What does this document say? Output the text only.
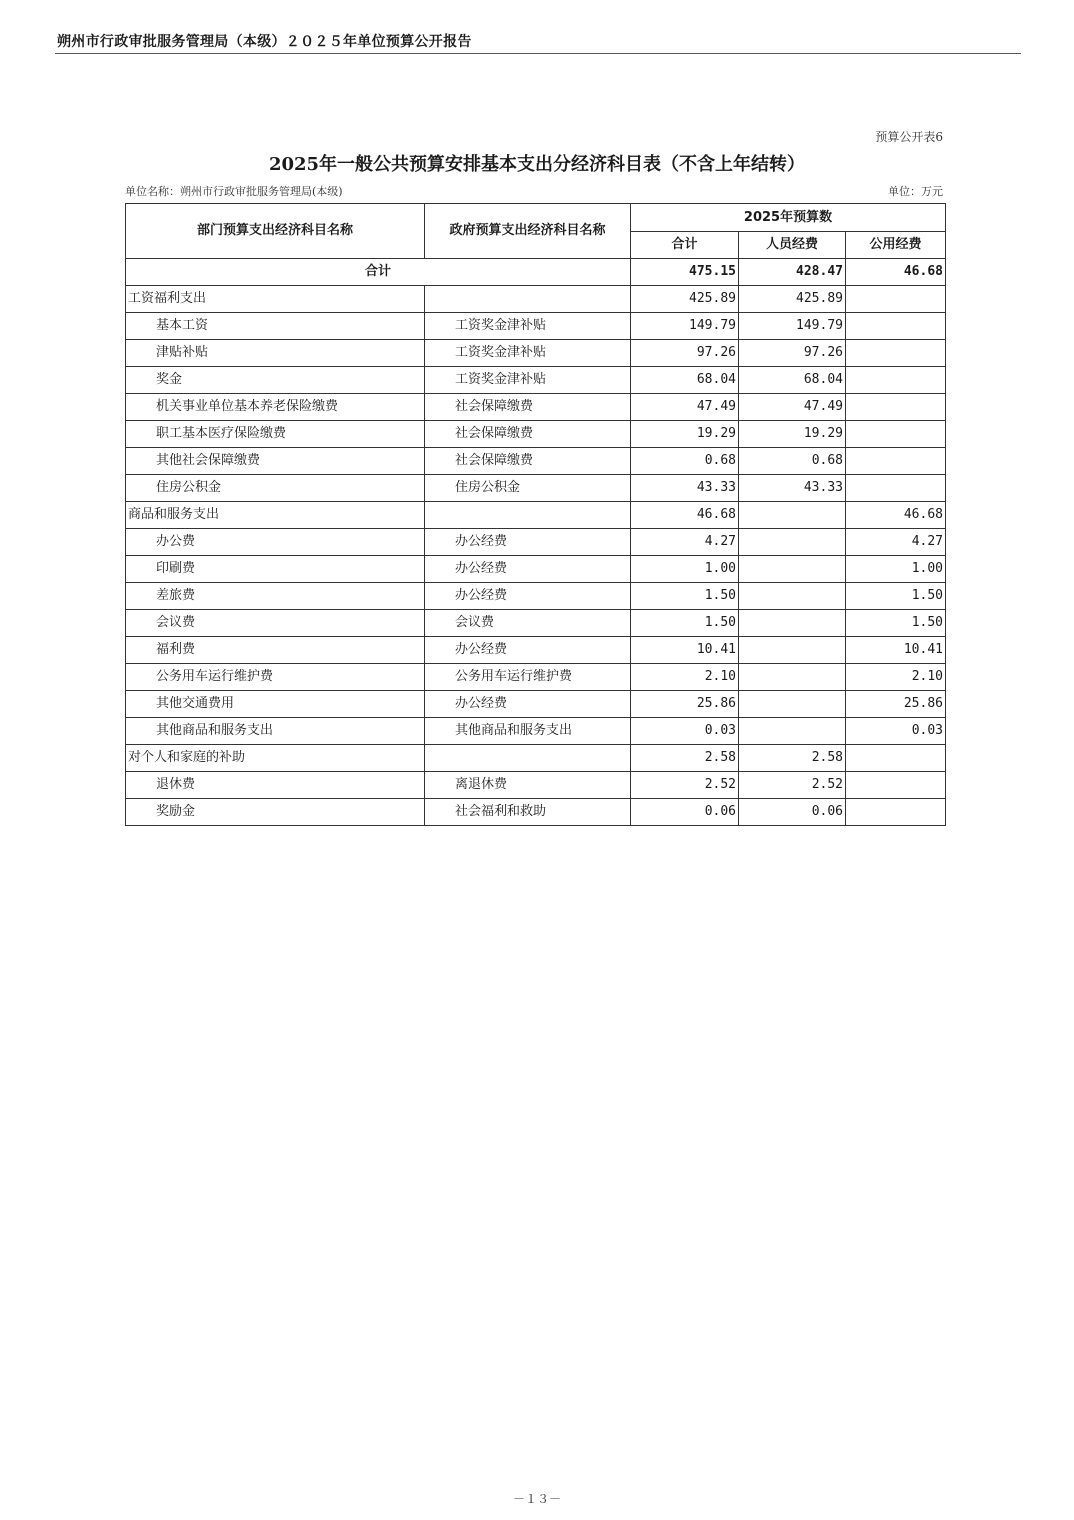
朔州市行政审批服务管理局（本级）２０２５年单位预算公开报告
预算公开表6
2025年一般公共预算安排基本支出分经济科目表（不含上年结转）
单位名称：朔州市行政审批服务管理局(本级)	单位：万元
部门预算支出经济科目名称	政府预算支出经济科目名称	2025年预算数		
		合计	人员经费	公用经费
合计		475.15	428.47	46.68
工资福利支出		425.89	425.89	
基本工资	工资奖金津补贴	149.79	149.79	
津贴补贴	工资奖金津补贴	97.26	97.26	
奖金	工资奖金津补贴	68.04	68.04	
机关事业单位基本养老保险缴费	社会保障缴费	47.49	47.49	
职工基本医疗保险缴费	社会保障缴费	19.29	19.29	
其他社会保障缴费	社会保障缴费	0.68	0.68	
住房公积金	住房公积金	43.33	43.33	
商品和服务支出		46.68		46.68
办公费	办公经费	4.27		4.27
印刷费	办公经费	1.00		1.00
差旅费	办公经费	1.50		1.50
会议费	会议费	1.50		1.50
福利费	办公经费	10.41		10.41
公务用车运行维护费	公务用车运行维护费	2.10		2.10
其他交通费用	办公经费	25.86		25.86
其他商品和服务支出	其他商品和服务支出	0.03		0.03
对个人和家庭的补助		2.58	2.58	
退休费	离退休费	2.52	2.52	
奖励金	社会福利和救助	0.06	0.06	
－１３－
